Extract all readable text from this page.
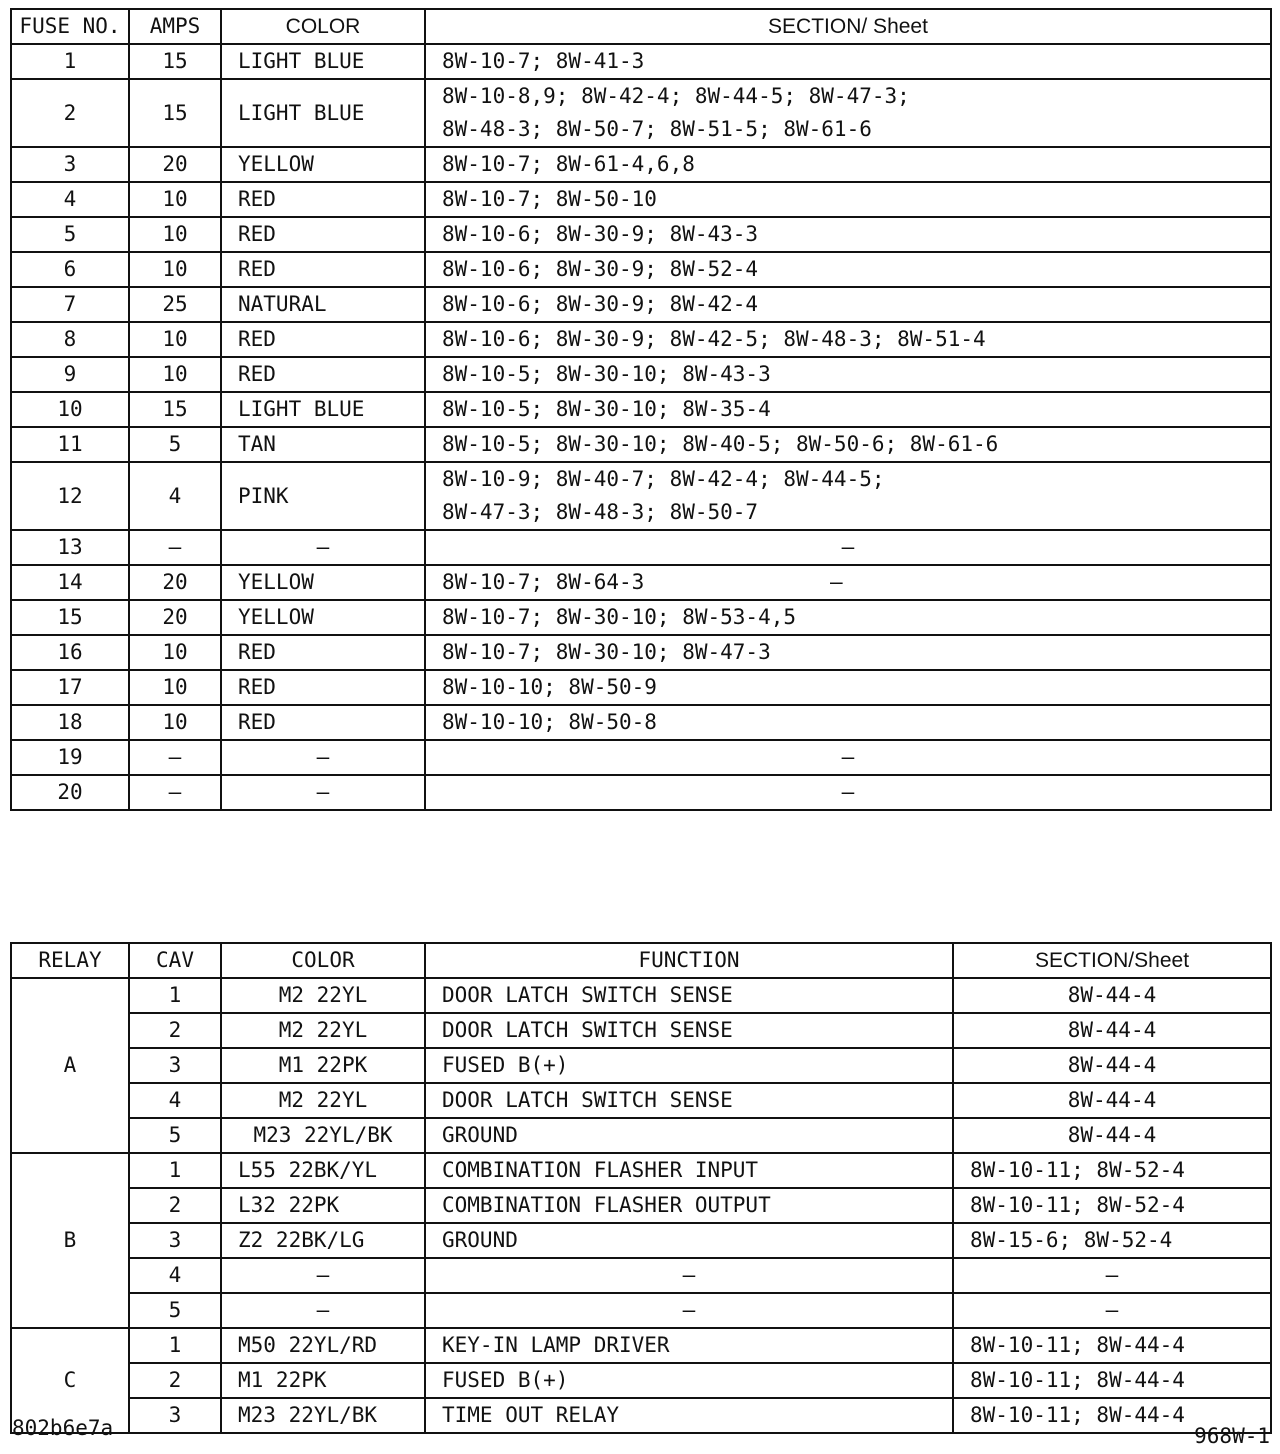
FUSE NO.	AMPS	COLOR	SECTION/ Sheet
1	15	LIGHT BLUE	8W-10-7; 8W-41-3

2	15	LIGHT BLUE	8W-10-8,9; 8W-42-4; 8W-44-5; 8W-47-3;
8W-48-3; 8W-50-7; 8W-51-5; 8W-61-6

3	20	YELLOW	8W-10-7; 8W-61-4,6,8

4	10	RED	8W-10-7; 8W-50-10

5	10	RED	8W-10-6; 8W-30-9; 8W-43-3

6	10	RED	8W-10-6; 8W-30-9; 8W-52-4

7	25	NATURAL	8W-10-6; 8W-30-9; 8W-42-4

8	10	RED	8W-10-6; 8W-30-9; 8W-42-5; 8W-48-3; 8W-51-4

9	10	RED	8W-10-5; 8W-30-10; 8W-43-3

10	15	LIGHT BLUE	8W-10-5; 8W-30-10; 8W-35-4

11	5	TAN	8W-10-5; 8W-30-10; 8W-40-5; 8W-50-6; 8W-61-6

12	4	PINK	8W-10-9; 8W-40-7; 8W-42-4; 8W-44-5;
8W-47-3; 8W-48-3; 8W-50-7

13	–	–	–

14	20	YELLOW	8W-10-7; 8W-64-3 –

15	20	YELLOW	8W-10-7; 8W-30-10; 8W-53-4,5

16	10	RED	8W-10-7; 8W-30-10; 8W-47-3

17	10	RED	8W-10-10; 8W-50-9

18	10	RED	8W-10-10; 8W-50-8

19	–	–	–

20	–	–	–
RELAY	CAV	COLOR	FUNCTION	SECTION/Sheet
A	1	M2 22YL	DOOR LATCH SWITCH SENSE	8W-44-4
	2	M2 22YL	DOOR LATCH SWITCH SENSE	8W-44-4
	3	M1 22PK	FUSED B(+)	8W-44-4
	4	M2 22YL	DOOR LATCH SWITCH SENSE	8W-44-4
	5	M23 22YL/BK	GROUND	8W-44-4
B	1	L55 22BK/YL	COMBINATION FLASHER INPUT	8W-10-11; 8W-52-4
	2	L32 22PK	COMBINATION FLASHER OUTPUT	8W-10-11; 8W-52-4
	3	Z2 22BK/LG	GROUND	8W-15-6; 8W-52-4
	4	–	–	–
	5	–	–	–
C	1	M50 22YL/RD	KEY-IN LAMP DRIVER	8W-10-11; 8W-44-4
	2	M1 22PK	FUSED B(+)	8W-10-11; 8W-44-4
	3	M23 22YL/BK	TIME OUT RELAY	8W-10-11; 8W-44-4
802b6e7a	968W-1
